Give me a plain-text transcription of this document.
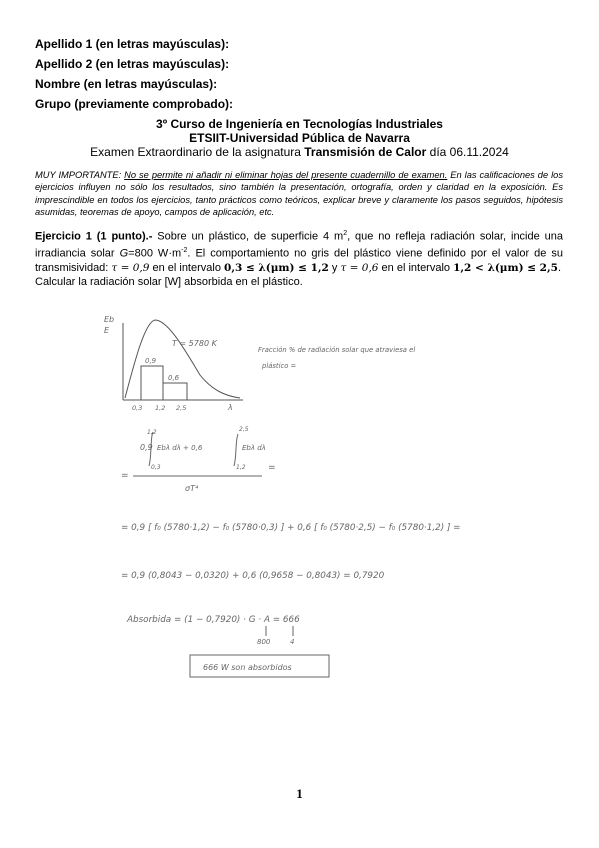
Apellido 1 (en letras mayúsculas):
Apellido 2 (en letras mayúsculas):
Nombre (en letras mayúsculas):
Grupo (previamente comprobado):
3º Curso de Ingeniería en Tecnologías Industriales
ETSIIT-Universidad Pública de Navarra
Examen Extraordinario de la asignatura Transmisión de Calor día 06.11.2024
MUY IMPORTANTE: No se permite ni añadir ni eliminar hojas del presente cuadernillo de examen. En las calificaciones de los ejercicios influyen no sólo los resultados, sino también la presentación, ortografía, orden y claridad en la exposición. Es imprescindible en todos los ejercicios, tanto prácticos como teóricos, explicar breve y claramente los pasos seguidos, hipótesis asumidas, teoremas de apoyo, campos de aplicación, etc.
Ejercicio 1 (1 punto).- Sobre un plástico, de superficie 4 $m^2$, que no refleja radiación solar, incide una irradiancia solar G=800 $W\cdot m^{-2}$. El comportamiento no gris del plástico viene definido por el valor de su transmisividad: τ = 0,9 en el intervalo 0,3 ≤ λ(μm) ≤ 1,2 y τ = 0,6 en el intervalo 1,2 < λ(μm) ≤ 2,5.
Calcular la radiación solar [W] absorbida en el plástico.
Eb
E
T = 5780 K
0,9
0,6
0,3 1,2 2,5	λ
Fracción % de radiación solar que atraviesa el
plástico =
1,2
0,9 Ebλ dλ + 0,6
0,3
2,5
Ebλ dλ
1,2
=
σT⁴
=
= 0,9 [ f₀ (5780·1,2) − f₀ (5780·0,3) ] + 0,6 [ f₀ (5780·2,5) − f₀ (5780·1,2) ] =
= 0,9 (0,8043 − 0,0320) + 0,6 (0,9658 − 0,8043) = 0,7920
Absorbida = (1 − 0,7920) · G · A = 666
800	4
666 W son absorbidos
1
